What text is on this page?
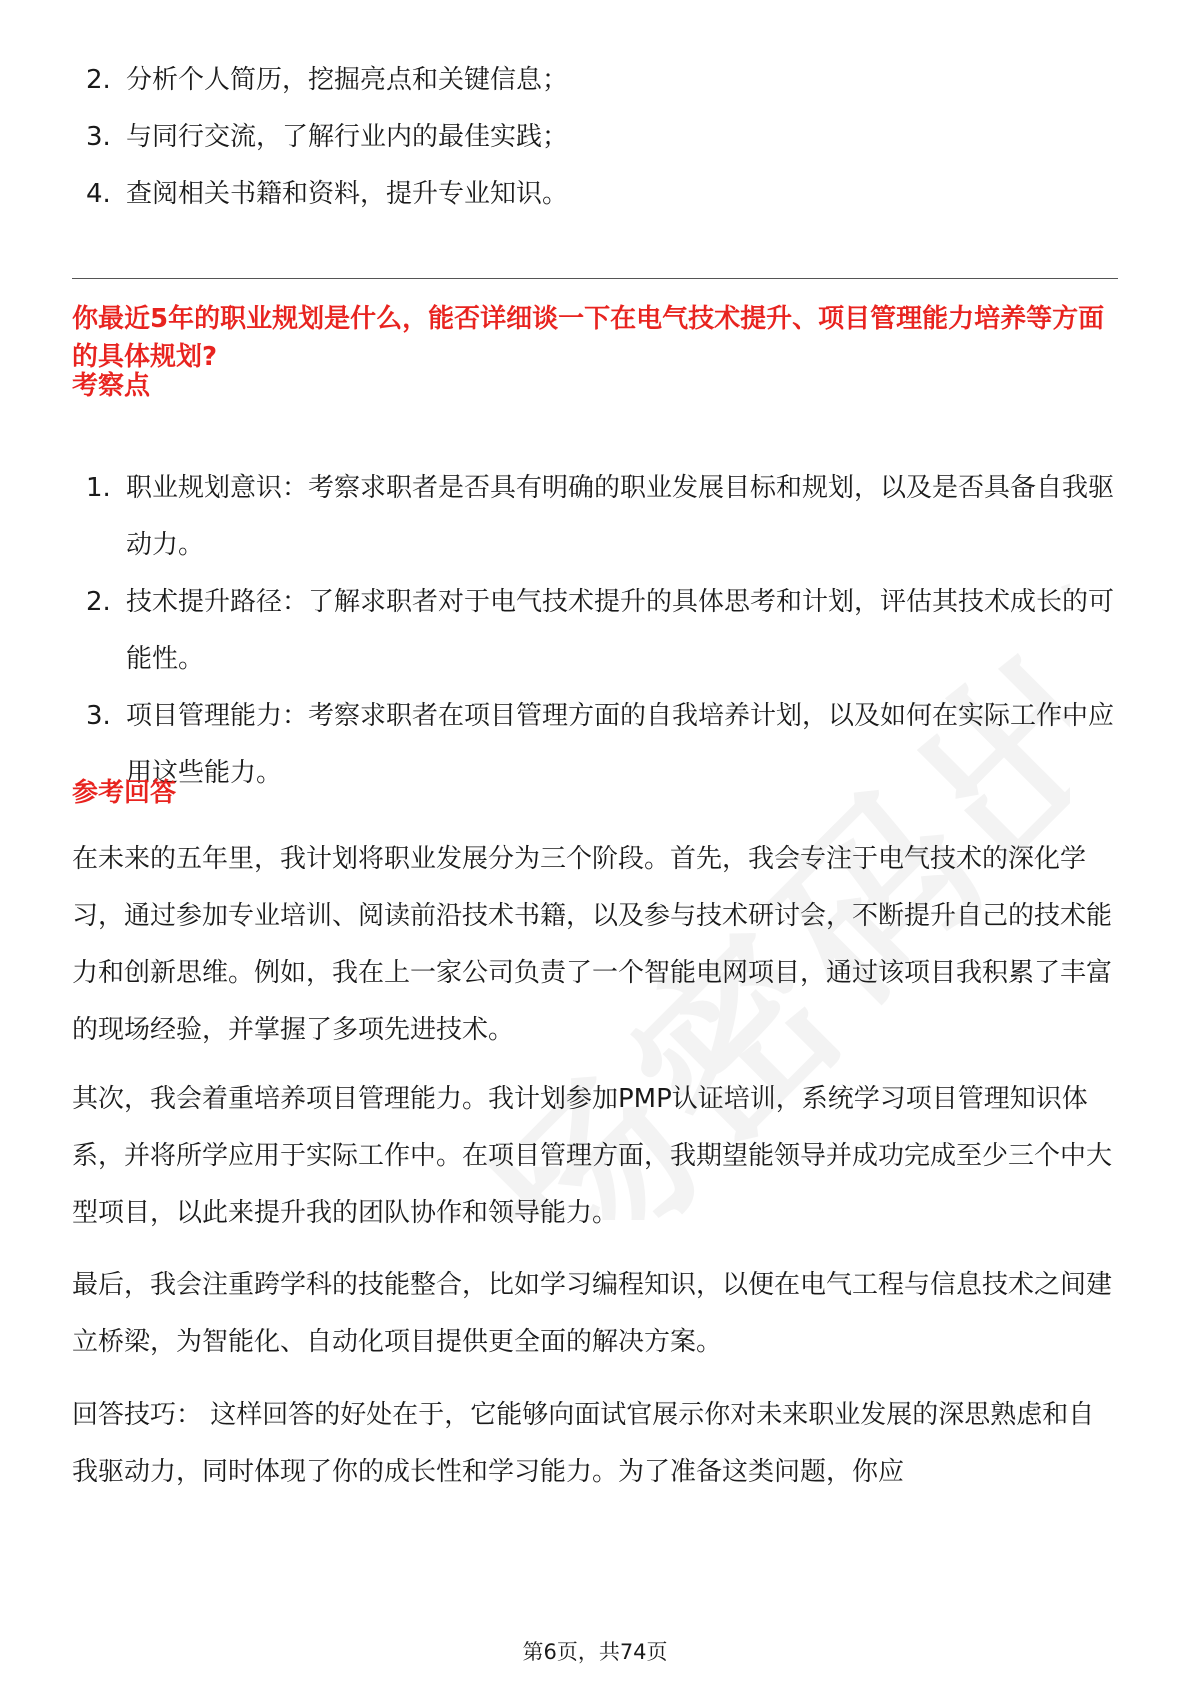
2. 分析个人简历，挖掘亮点和关键信息；
3. 与同行交流，了解行业内的最佳实践；
4. 查阅相关书籍和资料，提升专业知识。
你最近5年的职业规划是什么，能否详细谈一下在电气技术提升、项目管理能力培养等方面的具体规划?
考察点
1. 职业规划意识：考察求职者是否具有明确的职业发展目标和规划，以及是否具备自我驱动力。
2. 技术提升路径：了解求职者对于电气技术提升的具体思考和计划，评估其技术成长的可能性。
3. 项目管理能力：考察求职者在项目管理方面的自我培养计划，以及如何在实际工作中应用这些能力。
参考回答

在未来的五年里，我计划将职业发展分为三个阶段。首先，我会专注于电气技术的深化学习，通过参加专业培训、阅读前沿技术书籍，以及参与技术研讨会，不断提升自己的技术能力和创新思维。例如，我在上一家公司负责了一个智能电网项目，通过该项目我积累了丰富的现场经验，并掌握了多项先进技术。

其次，我会着重培养项目管理能力。我计划参加PMP认证培训，系统学习项目管理知识体系，并将所学应用于实际工作中。在项目管理方面，我期望能领导并成功完成至少三个中大型项目，以此来提升我的团队协作和领导能力。

最后，我会注重跨学科的技能整合，比如学习编程知识，以便在电气工程与信息技术之间建立桥梁，为智能化、自动化项目提供更全面的解决方案。

回答技巧： 这样回答的好处在于，它能够向面试官展示你对未来职业发展的深思熟虑和自我驱动力，同时体现了你的成长性和学习能力。为了准备这类问题，你应

第6页，共74页
